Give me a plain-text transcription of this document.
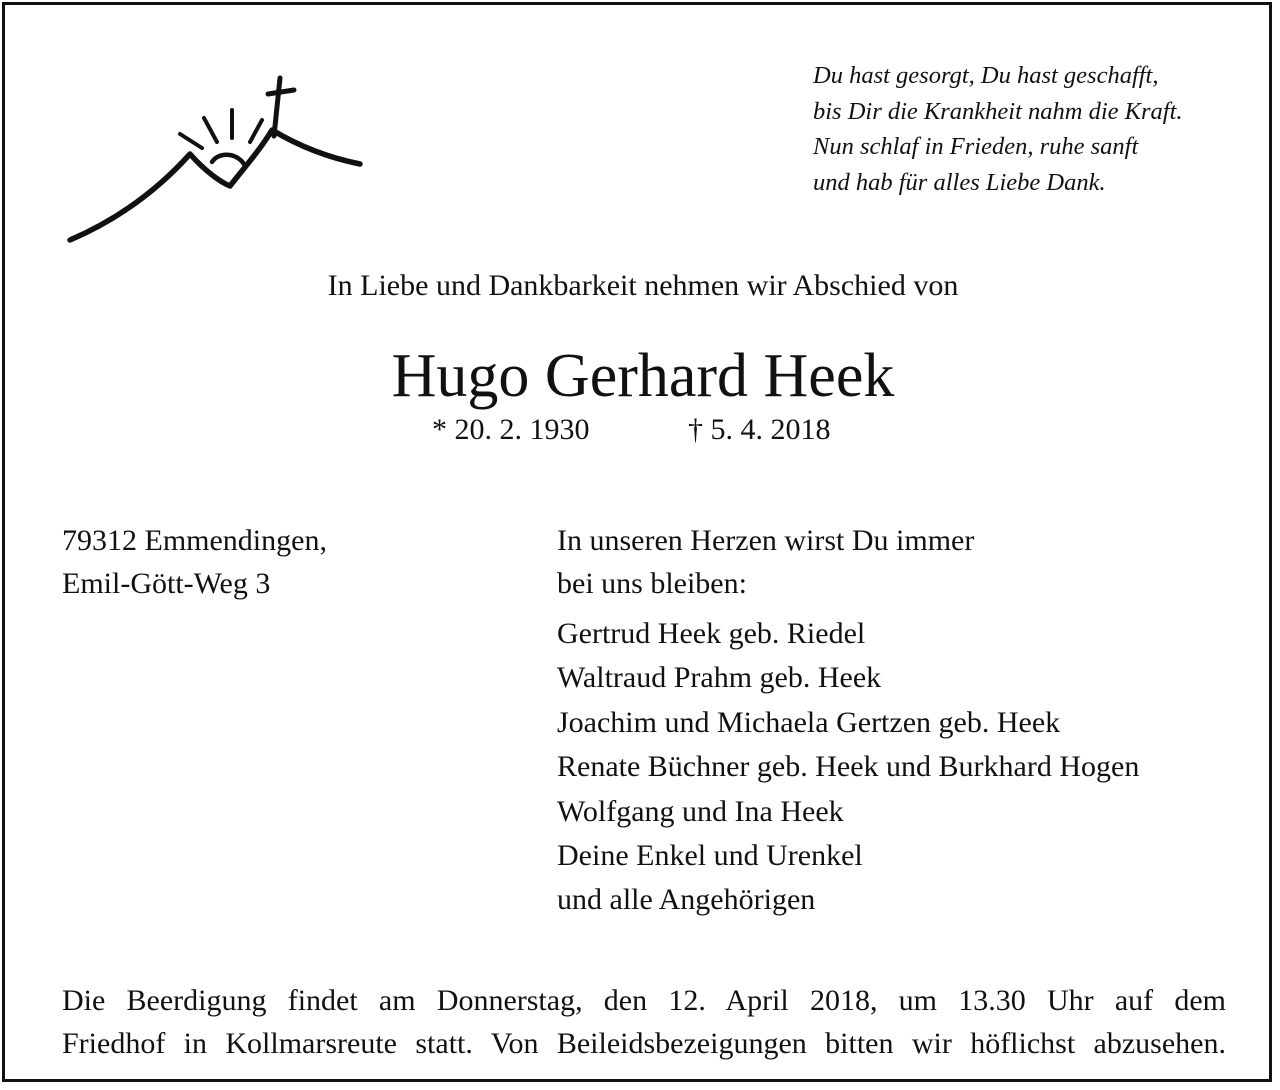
Du hast gesorgt, Du hast geschafft,
bis Dir die Krankheit nahm die Kraft.
Nun schlaf in Frieden, ruhe sanft
und hab für alles Liebe Dank.
In Liebe und Dankbarkeit nehmen wir Abschied von
Hugo Gerhard Heek
* 20. 2. 1930	† 5. 4. 2018
79312 Emmendingen,
Emil-Gött-Weg 3
In unseren Herzen wirst Du immer
bei uns bleiben:
Gertrud Heek geb. Riedel
Waltraud Prahm geb. Heek
Joachim und Michaela Gertzen geb. Heek
Renate Büchner geb. Heek und Burkhard Hogen
Wolfgang und Ina Heek
Deine Enkel und Urenkel
und alle Angehörigen
Die Beerdigung findet am Donnerstag, den 12. April 2018, um 13.30 Uhr auf dem
Friedhof in Kollmarsreute statt. Von Beileidsbezeigungen bitten wir höflichst abzusehen.
